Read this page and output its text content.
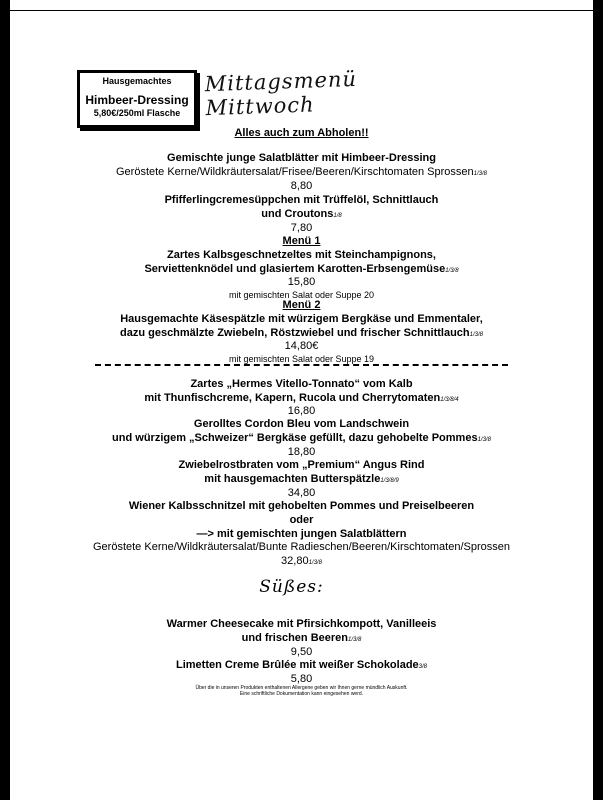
Hausgemachtes
Himbeer-Dressing
5,80€/250ml Flasche
Mittagsmenü Mittwoch
Alles auch zum Abholen!!
Gemischte junge Salatblätter mit Himbeer-Dressing
Geröstete Kerne/Wildkräutersalat/Frisee/Beeren/Kirschtomaten Sprossen1/3/8
8,80
Pfifferlingcremesüppchen mit Trüffelöl, Schnittlauch
und Croutons1/8
7,80
Menü 1
Zartes Kalbsgeschnetzeltes mit Steinchampignons,
Serviettenknödel und glasiertem Karotten-Erbsengemüse1/3/8
15,80
mit gemischten Salat oder Suppe 20
Menü 2
Hausgemachte Käsespätzle mit würzigem Bergkäse und Emmentaler,
dazu geschmälzte Zwiebeln, Röstzwiebel und frischer Schnittlauch1/3/8
14,80€
mit gemischten Salat oder Suppe 19
Zartes „Hermes Vitello-Tonnato“ vom Kalb
mit Thunfischcreme, Kapern, Rucola und Cherrytomaten1/3/8/4
16,80
Gerolltes Cordon Bleu vom Landschwein
und würzigem „Schweizer“ Bergkäse gefüllt, dazu gehobelte Pommes1/3/8
18,80
Zwiebelrostbraten vom „Premium“ Angus Rind
mit hausgemachten Butterspätzle1/3/8/9
34,80
Wiener Kalbsschnitzel mit gehobelten Pommes und Preiselbeeren
oder
—> mit gemischten jungen Salatblättern
Geröstete Kerne/Wildkräutersalat/Bunte Radieschen/Beeren/Kirschtomaten/Sprossen
32,801/3/8
Süßes:
Warmer Cheesecake mit Pfirsichkompott, Vanilleeis
und frischen Beeren1/3/8
9,50
Limetten Creme Brûlée mit weißer Schokolade3/8
5,80
Über die in unseren Produkten enthaltenen Allergene geben wir Ihnen gerne mündlich Auskunft.
Eine schriftliche Dokumentation kann eingesehen werd.
